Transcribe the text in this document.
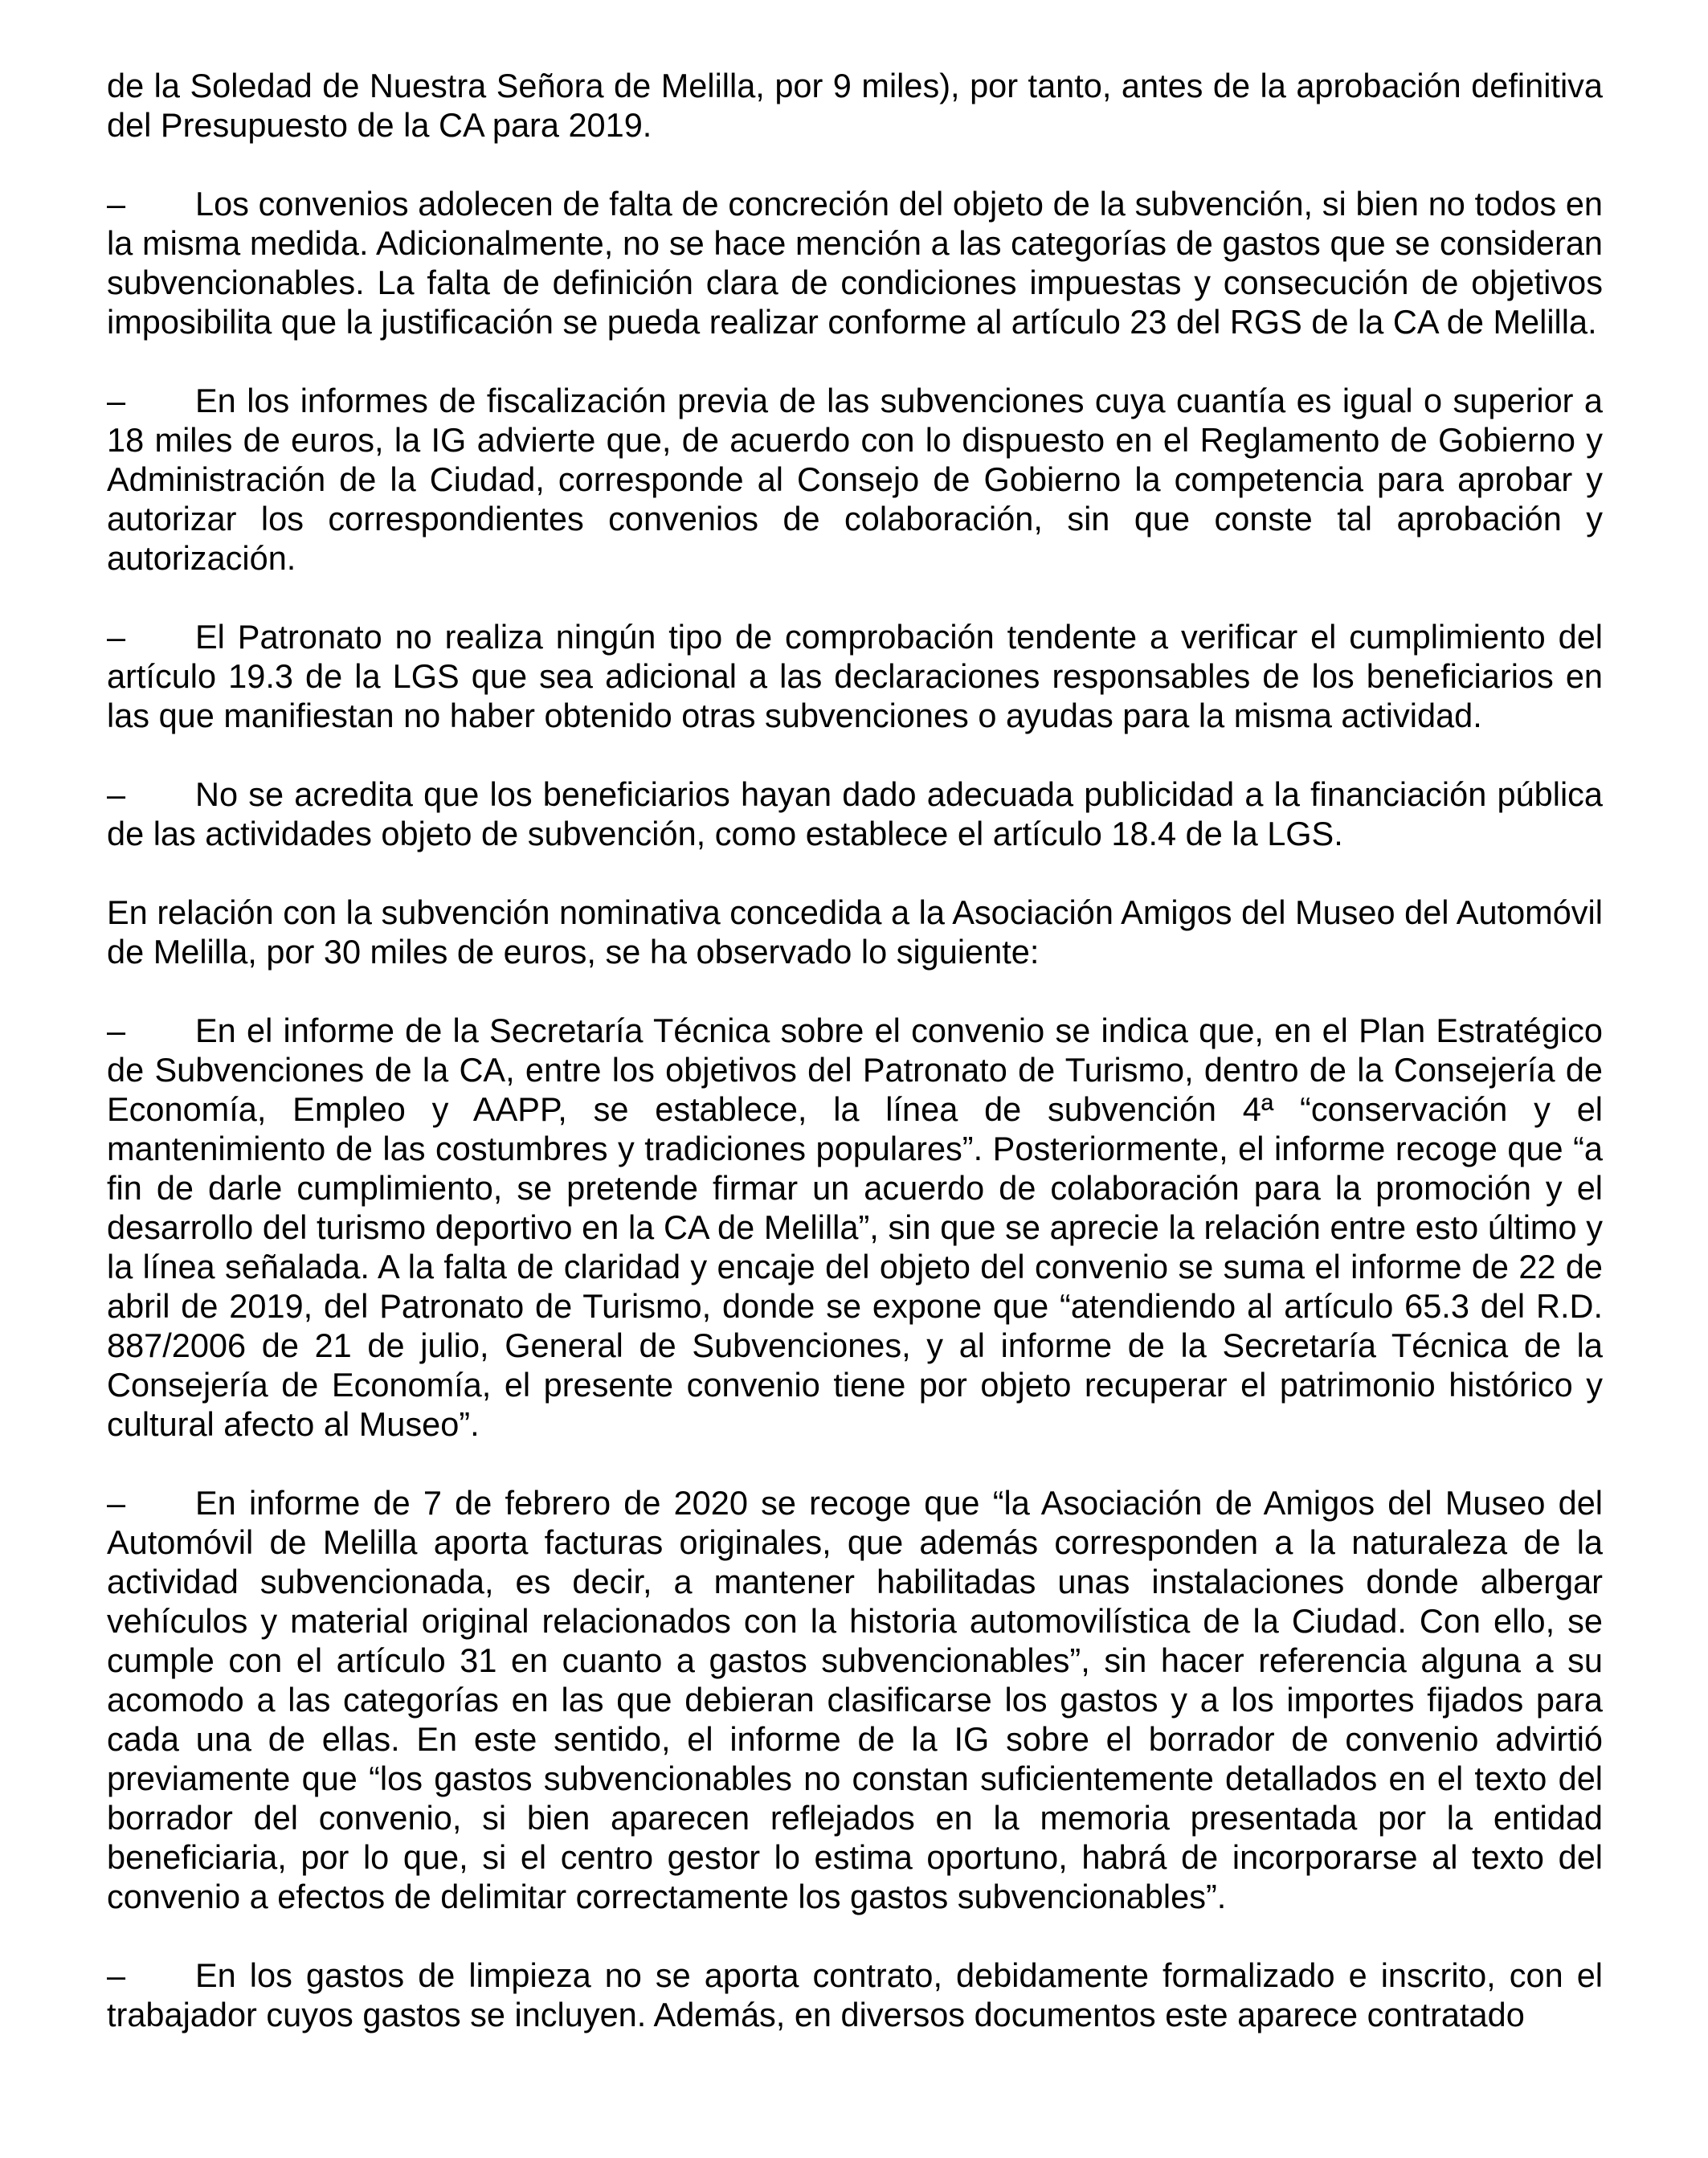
de la Soledad de Nuestra Señora de Melilla, por 9 miles), por tanto, antes de la aprobación definitiva del Presupuesto de la CA para 2019.

– Los convenios adolecen de falta de concreción del objeto de la subvención, si bien no todos en la misma medida. Adicionalmente, no se hace mención a las categorías de gastos que se consideran subvencionables. La falta de definición clara de condiciones impuestas y consecución de objetivos imposibilita que la justificación se pueda realizar conforme al artículo 23 del RGS de la CA de Melilla.

– En los informes de fiscalización previa de las subvenciones cuya cuantía es igual o superior a 18 miles de euros, la IG advierte que, de acuerdo con lo dispuesto en el Reglamento de Gobierno y Administración de la Ciudad, corresponde al Consejo de Gobierno la competencia para aprobar y autorizar los correspondientes convenios de colaboración, sin que conste tal aprobación y autorización.

– El Patronato no realiza ningún tipo de comprobación tendente a verificar el cumplimiento del artículo 19.3 de la LGS que sea adicional a las declaraciones responsables de los beneficiarios en las que manifiestan no haber obtenido otras subvenciones o ayudas para la misma actividad.

– No se acredita que los beneficiarios hayan dado adecuada publicidad a la financiación pública de las actividades objeto de subvención, como establece el artículo 18.4 de la LGS.

En relación con la subvención nominativa concedida a la Asociación Amigos del Museo del Automóvil de Melilla, por 30 miles de euros, se ha observado lo siguiente:

– En el informe de la Secretaría Técnica sobre el convenio se indica que, en el Plan Estratégico de Subvenciones de la CA, entre los objetivos del Patronato de Turismo, dentro de la Consejería de Economía, Empleo y AAPP, se establece, la línea de subvención 4ª “conservación y el mantenimiento de las costumbres y tradiciones populares”. Posteriormente, el informe recoge que “a fin de darle cumplimiento, se pretende firmar un acuerdo de colaboración para la promoción y el desarrollo del turismo deportivo en la CA de Melilla”, sin que se aprecie la relación entre esto último y la línea señalada. A la falta de claridad y encaje del objeto del convenio se suma el informe de 22 de abril de 2019, del Patronato de Turismo, donde se expone que “atendiendo al artículo 65.3 del R.D. 887/2006 de 21 de julio, General de Subvenciones, y al informe de la Secretaría Técnica de la Consejería de Economía, el presente convenio tiene por objeto recuperar el patrimonio histórico y cultural afecto al Museo”.

– En informe de 7 de febrero de 2020 se recoge que “la Asociación de Amigos del Museo del Automóvil de Melilla aporta facturas originales, que además corresponden a la naturaleza de la actividad subvencionada, es decir, a mantener habilitadas unas instalaciones donde albergar vehículos y material original relacionados con la historia automovilística de la Ciudad. Con ello, se cumple con el artículo 31 en cuanto a gastos subvencionables”, sin hacer referencia alguna a su acomodo a las categorías en las que debieran clasificarse los gastos y a los importes fijados para cada una de ellas. En este sentido, el informe de la IG sobre el borrador de convenio advirtió previamente que “los gastos subvencionables no constan suficientemente detallados en el texto del borrador del convenio, si bien aparecen reflejados en la memoria presentada por la entidad beneficiaria, por lo que, si el centro gestor lo estima oportuno, habrá de incorporarse al texto del convenio a efectos de delimitar correctamente los gastos subvencionables”.

– En los gastos de limpieza no se aporta contrato, debidamente formalizado e inscrito, con el trabajador cuyos gastos se incluyen. Además, en diversos documentos este aparece contratado
